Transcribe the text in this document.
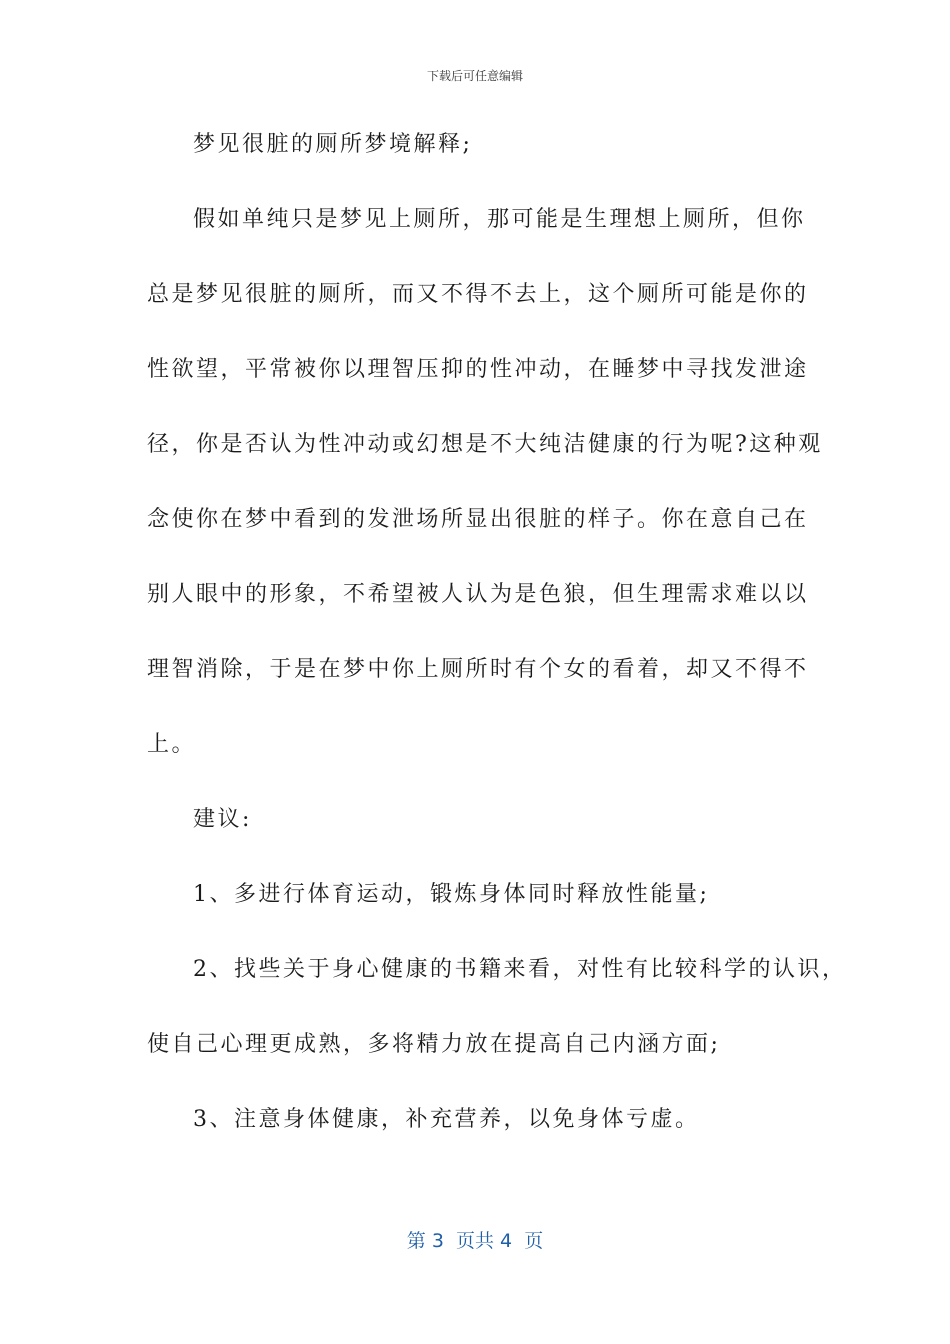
下载后可任意编辑
梦见很脏的厕所梦境解释;
假如单纯只是梦见上厕所，那可能是生理想上厕所，但你
总是梦见很脏的厕所，而又不得不去上，这个厕所可能是你的
性欲望，平常被你以理智压抑的性冲动，在睡梦中寻找发泄途
径，你是否认为性冲动或幻想是不大纯洁健康的行为呢?这种观
念使你在梦中看到的发泄场所显出很脏的样子。你在意自己在
别人眼中的形象，不希望被人认为是色狼，但生理需求难以以
理智消除，于是在梦中你上厕所时有个女的看着，却又不得不
上。
建议:
1、多进行体育运动，锻炼身体同时释放性能量;
2、找些关于身心健康的书籍来看，对性有比较科学的认识，
使自己心理更成熟，多将精力放在提高自己内涵方面;
3、注意身体健康，补充营养，以免身体亏虚。
第 3  页共 4  页
